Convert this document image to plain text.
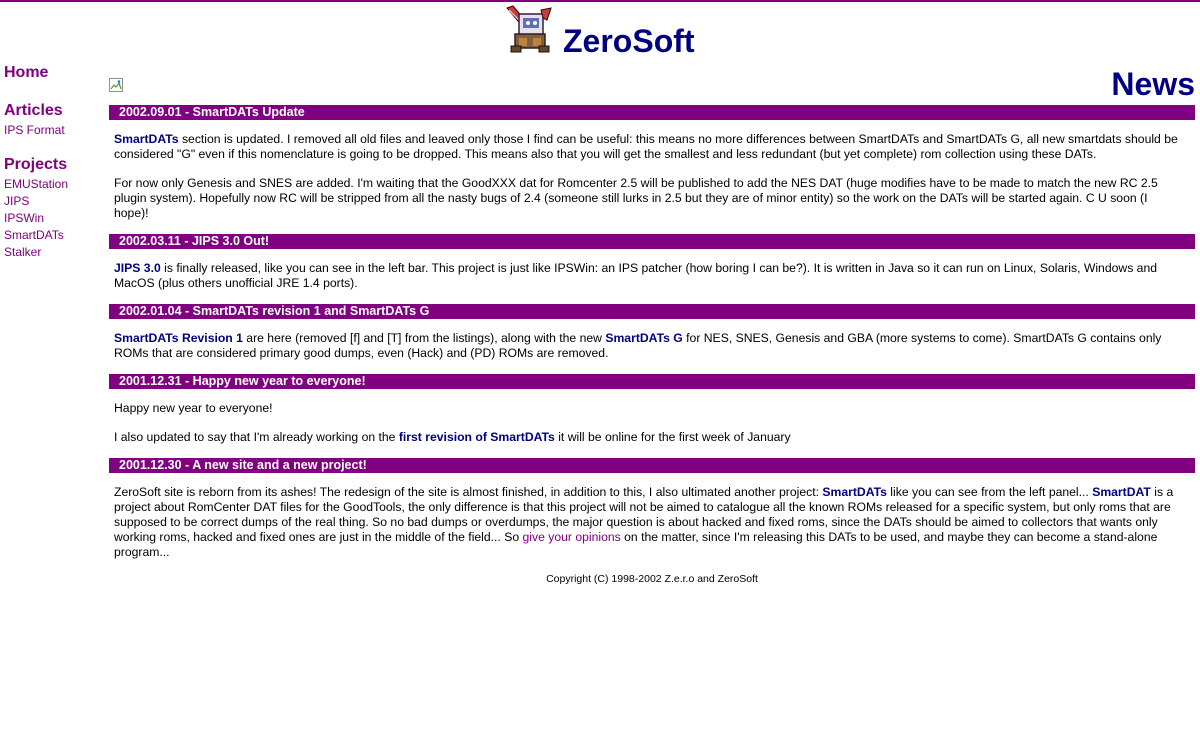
ZeroSoft
Home
Articles
IPS Format
Projects
EMUStation
JIPS
IPSWin
SmartDATs
Stalker
News
2002.09.01 - SmartDATs Update

SmartDATs section is updated. I removed all old files and leaved only those I find can be useful: this means no more differences between SmartDATs and SmartDATs G, all new smartdats should be considered "G" even if this nomenclature is going to be dropped. This means also that you will get the smallest and less redundant (but yet complete) rom collection using these DATs.

For now only Genesis and SNES are added. I'm waiting that the GoodXXX dat for Romcenter 2.5 will be published to add the NES DAT (huge modifies have to be made to match the new RC 2.5 plugin system). Hopefully now RC will be stripped from all the nasty bugs of 2.4 (someone still lurks in 2.5 but they are of minor entity) so the work on the DATs will be started again. C U soon (I hope)!

2002.03.11 - JIPS 3.0 Out!

JIPS 3.0 is finally released, like you can see in the left bar. This project is just like IPSWin: an IPS patcher (how boring I can be?). It is written in Java so it can run on Linux, Solaris, Windows and MacOS (plus others unofficial JRE 1.4 ports).

2002.01.04 - SmartDATs revision 1 and SmartDATs G

SmartDATs Revision 1 are here (removed [f] and [T] from the listings), along with the new SmartDATs G for NES, SNES, Genesis and GBA (more systems to come). SmartDATs G contains only ROMs that are considered primary good dumps, even (Hack) and (PD) ROMs are removed.

2001.12.31 - Happy new year to everyone!

Happy new year to everyone!

I also updated to say that I'm already working on the first revision of SmartDATs it will be online for the first week of January

2001.12.30 - A new site and a new project!

ZeroSoft site is reborn from its ashes! The redesign of the site is almost finished, in addition to this, I also ultimated another project: SmartDATs like you can see from the left panel... SmartDAT is a project about RomCenter DAT files for the GoodTools, the only difference is that this project will not be aimed to catalogue all the known ROMs released for a specific system, but only roms that are supposed to be correct dumps of the real thing. So no bad dumps or overdumps, the major question is about hacked and fixed roms, since the DATs should be aimed to collectors that wants only working roms, hacked and fixed ones are just in the middle of the field... So give your opinions on the matter, since I'm releasing this DATs to be used, and maybe they can become a stand-alone program...

Copyright (C) 1998-2002 Z.e.r.o and ZeroSoft
